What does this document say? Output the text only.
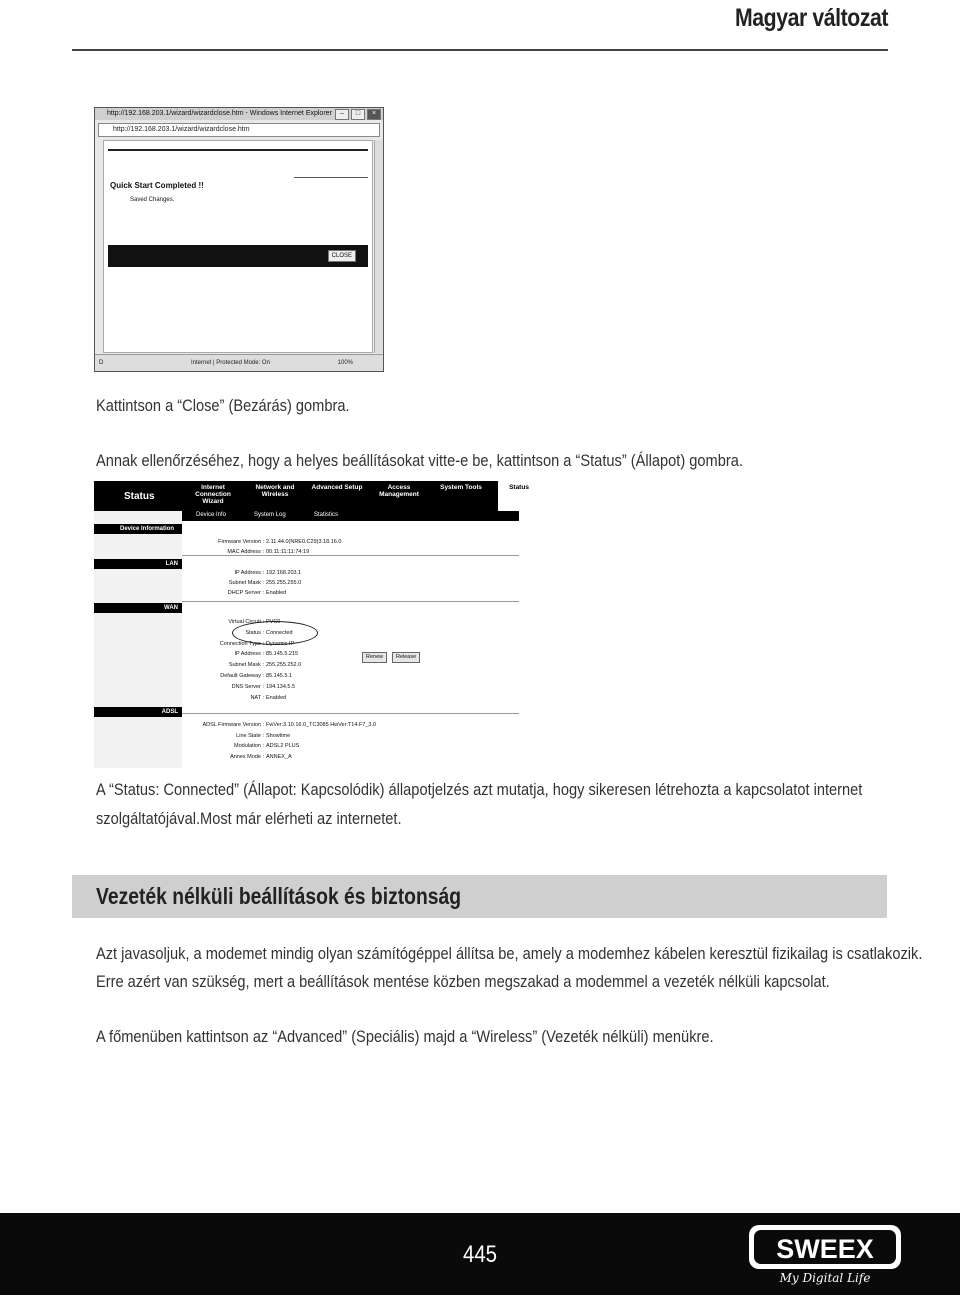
Magyar változat
http://192.168.203.1/wizard/wizardclose.htm - Windows Internet Explorer	–	□	×
http://192.168.203.1/wizard/wizardclose.htm
Quick Start Completed !!
Saved Changes.
CLOSE
D	Internet | Protected Mode: On	100%
Kattintson a “Close” (Bezárás) gombra.
Annak ellenőrzéséhez, hogy a helyes beállításokat vitte-e be, kattintson a “Status” (Állapot) gombra.
Status
Internet Connection Wizard
Network and Wireless
Advanced Setup	Access Management
System Tools	Status	Help
Device Info	System Log	Statistics
Device Information
LAN
WAN
ADSL
Firmware Version : 2.11.44.0(NRE0.C29)3.18.16.0
MAC Address : 00:11:11:11:74:19
IP Address : 192.168.203.1
Subnet Mask : 255.255.255.0
DHCP Server : Enabled
Virtual Circuit : PVC0
Status : Connected
Connection Type : Dynamic IP
IP Address : 85.145.5.215
Subnet Mask : 255.255.252.0
Default Gateway : 85.145.5.1
DNS Server : 194.134.5.5
NAT : Enabled
ADSL Firmware Version : FwVer:3.10.16.0_TC3085 HwVer:T14.F7_3.0
Line State : Showtime
Modulation : ADSL2 PLUS
Annex Mode : ANNEX_A
Renew	Release
A “Status: Connected” (Állapot: Kapcsolódik) állapotjelzés azt mutatja, hogy sikeresen létrehozta a kapcsolatot internet
szolgáltatójával.Most már elérheti az internetet.
Vezeték nélküli beállítások és biztonság
Azt javasoljuk, a modemet mindig olyan számítógéppel állítsa be, amely a modemhez kábelen keresztül fizikailag is csatlakozik.
Erre azért van szükség, mert a beállítások mentése közben megszakad a modemmel a vezeték nélküli kapcsolat.
A főmenüben kattintson az “Advanced” (Speciális) majd a “Wireless” (Vezeték nélküli) menükre.
445	SWEEX
My Digital Life
